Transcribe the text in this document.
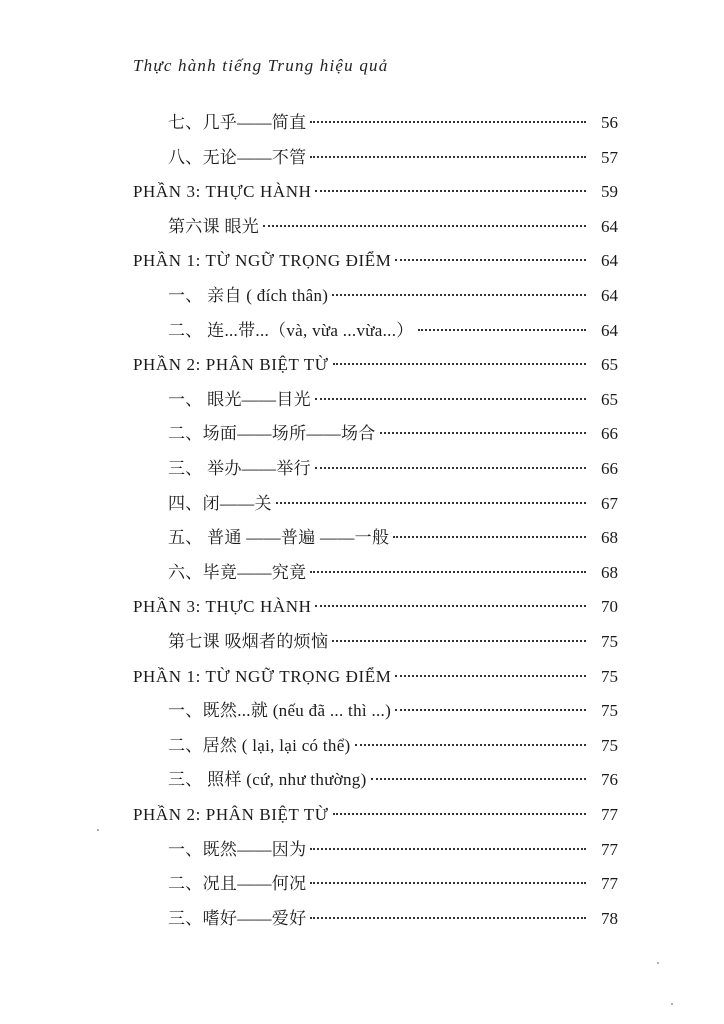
Thực hành tiếng Trung hiệu quả
七、几乎——简直	56
八、无论——不管	57
PHẦN 3: THỰC HÀNH	59
第六课 眼光	64
PHẦN 1: TỪ NGỮ TRỌNG ĐIỂM	64
一、 亲自 ( đích thân)	64
二、 连...带...（và, vừa ...vừa...）	64
PHẦN 2: PHÂN BIỆT TỪ	65
一、 眼光——目光	65
二、场面——场所——场合	66
三、 举办——举行	66
四、闭——关	67
五、 普通 ——普遍 ——一般	68
六、毕竟——究竟	68
PHẦN 3: THỰC HÀNH	70
第七课 吸烟者的烦恼	75
PHẦN 1: TỪ NGỮ TRỌNG ĐIỂM	75
一、既然...就 (nếu đã ... thì ...)	75
二、居然 ( lại, lại có thể)	75
三、 照样 (cứ, như thường)	76
PHẦN 2: PHÂN BIỆT TỪ	77
一、既然——因为	77
二、况且——何况	77
三、嗜好——爱好	78
